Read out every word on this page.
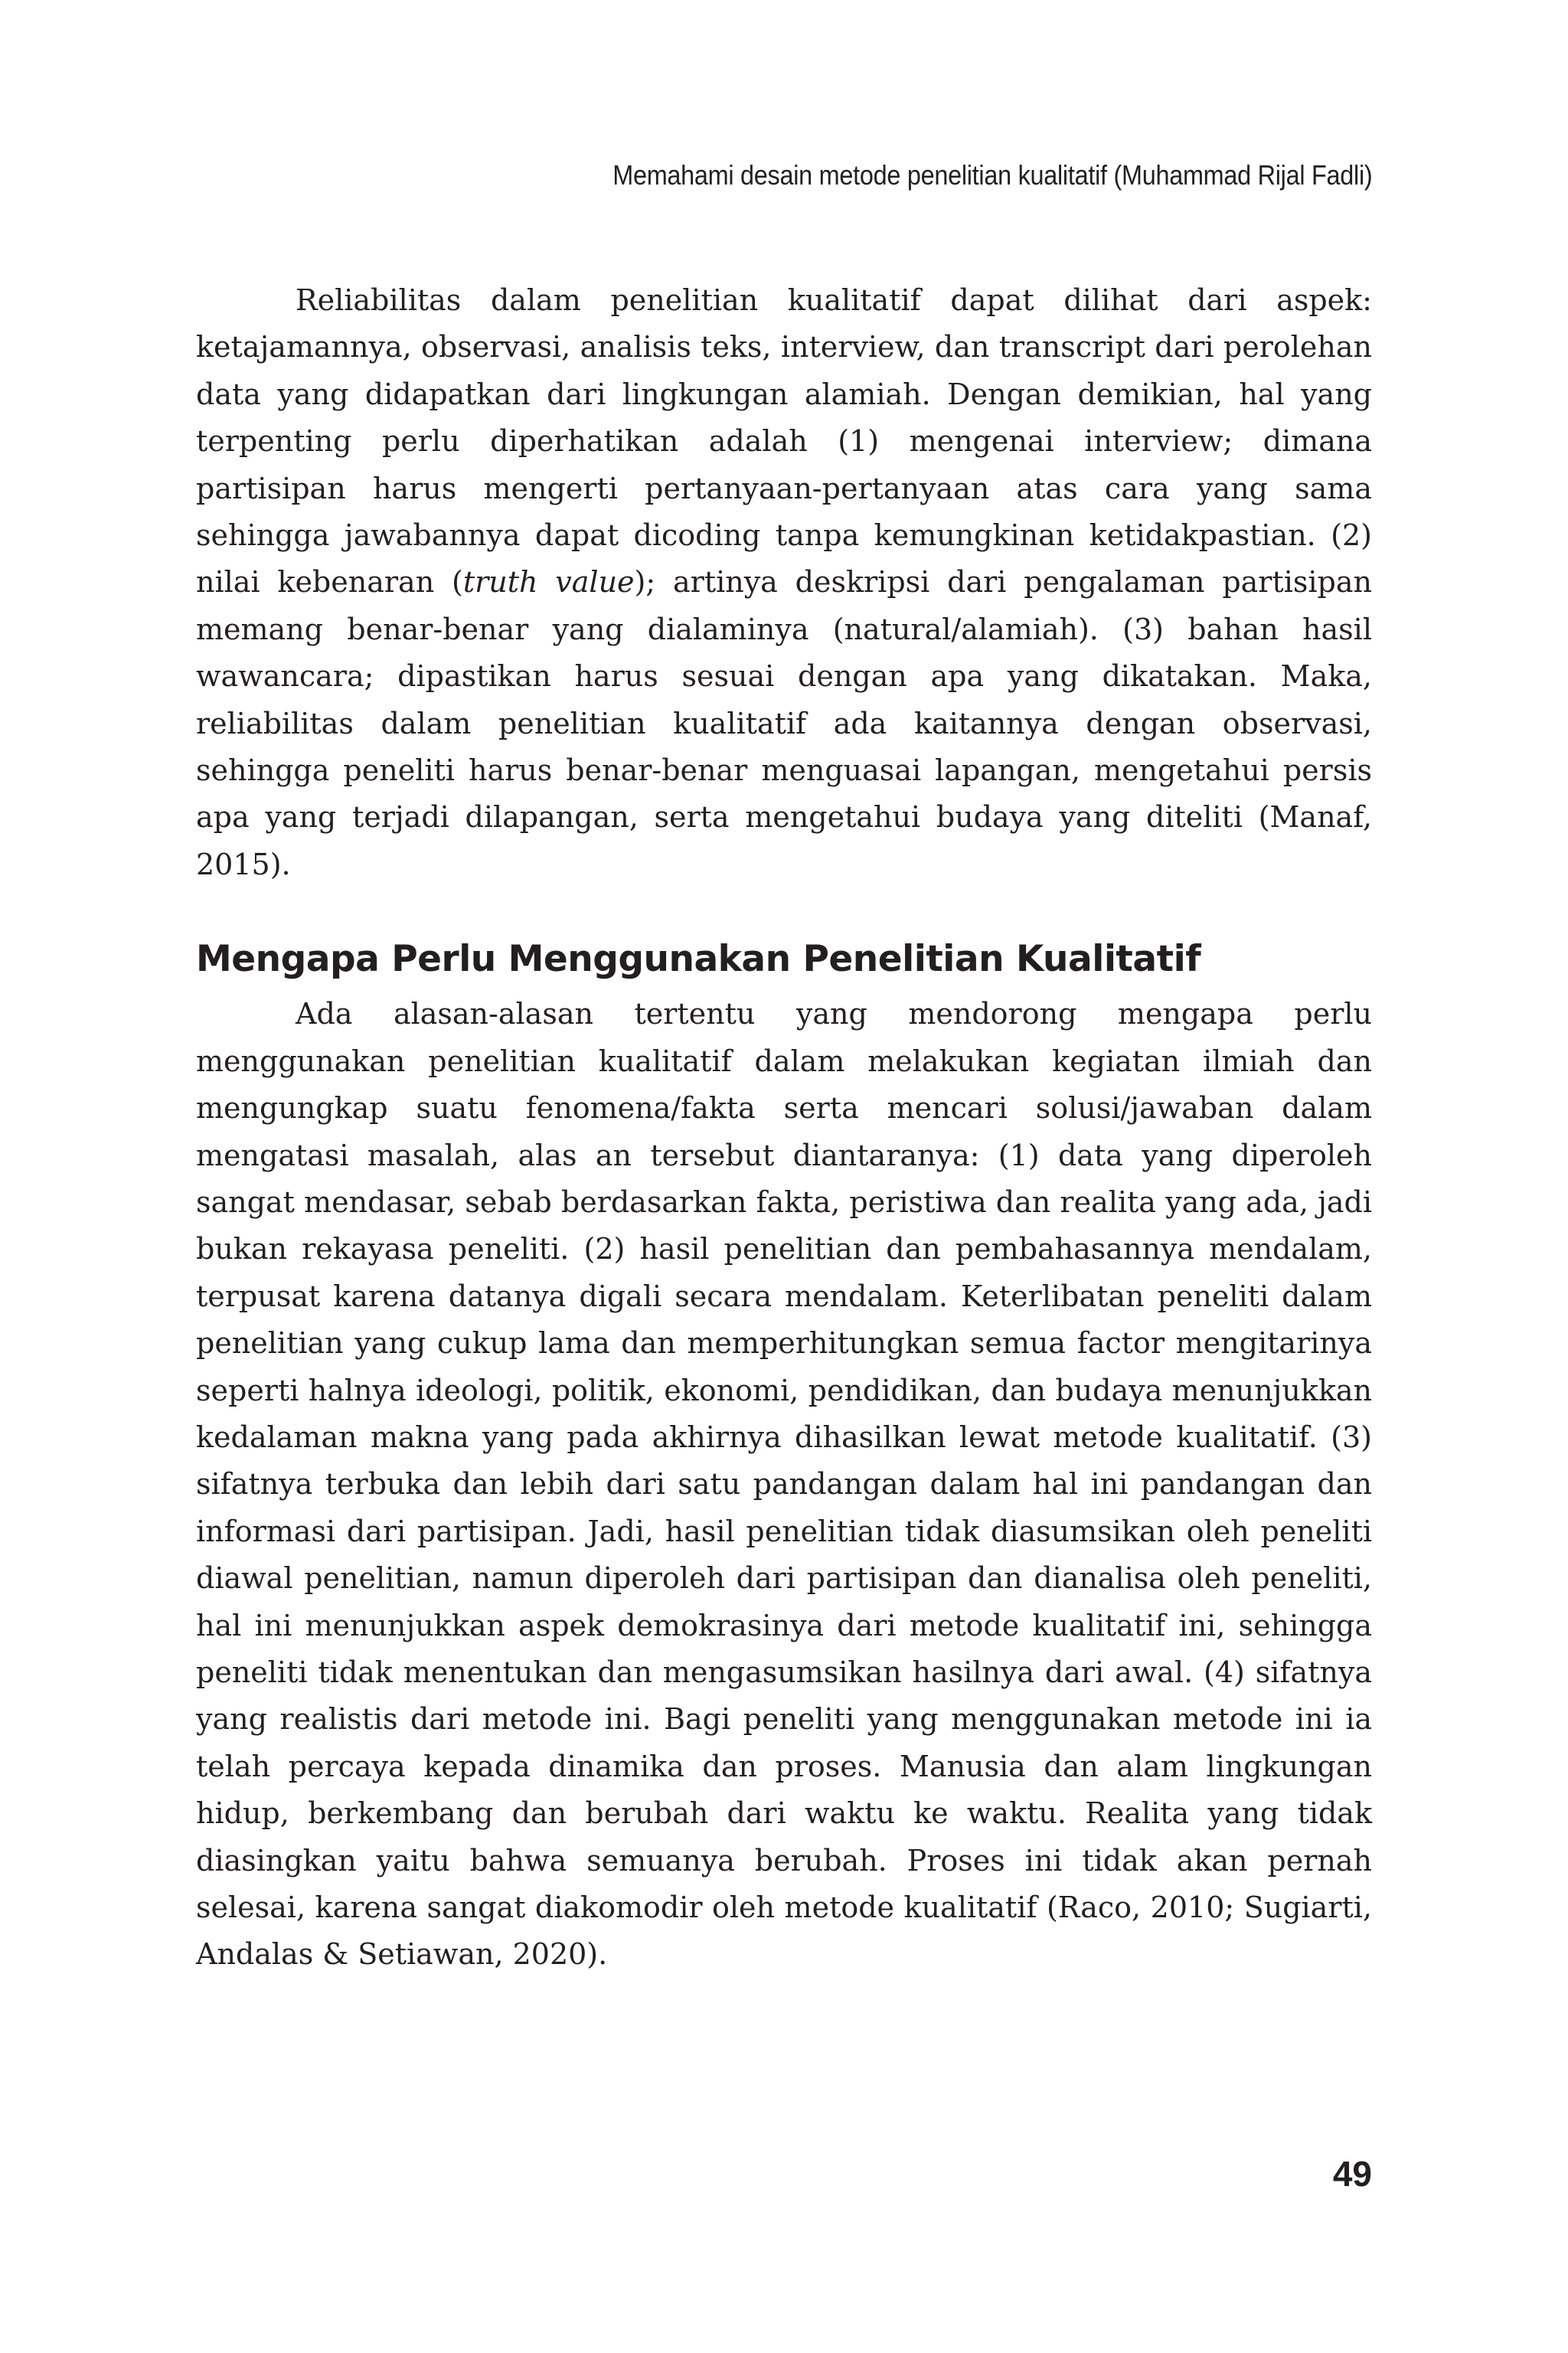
Memahami desain metode penelitian kualitatif (Muhammad Rijal Fadli)

Reliabilitas dalam penelitian kualitatif dapat dilihat dari aspek: ketajamannya, observasi, analisis teks, interview, dan transcript dari perolehan data yang didapatkan dari lingkungan alamiah. Dengan demikian, hal yang terpenting perlu diperhatikan adalah (1) mengenai interview; dimana partisipan harus mengerti pertanyaan-pertanyaan atas cara yang sama sehingga jawabannya dapat dicoding tanpa kemungkinan ketidakpastian. (2) nilai kebenaran (truth value); artinya deskripsi dari pengalaman partisipan memang benar-benar yang dialaminya (natural/alamiah). (3) bahan hasil wawancara; dipastikan harus sesuai dengan apa yang dikatakan. Maka, reliabilitas dalam penelitian kualitatif ada kaitannya dengan observasi, sehingga peneliti harus benar-benar menguasai lapangan, mengetahui persis apa yang terjadi dilapangan, serta mengetahui budaya yang diteliti (Manaf, 2015).

Mengapa Perlu Menggunakan Penelitian Kualitatif

Ada alasan-alasan tertentu yang mendorong mengapa perlu menggunakan penelitian kualitatif dalam melakukan kegiatan ilmiah dan mengungkap suatu fenomena/fakta serta mencari solusi/jawaban dalam mengatasi masalah, alas an tersebut diantaranya: (1) data yang diperoleh sangat mendasar, sebab berdasarkan fakta, peristiwa dan realita yang ada, jadi bukan rekayasa peneliti. (2) hasil penelitian dan pembahasannya mendalam, terpusat karena datanya digali secara mendalam. Keterlibatan peneliti dalam penelitian yang cukup lama dan memperhitungkan semua factor mengitarinya seperti halnya ideologi, politik, ekonomi, pendidikan, dan budaya menunjukkan kedalaman makna yang pada akhirnya dihasilkan lewat metode kualitatif. (3) sifatnya terbuka dan lebih dari satu pandangan dalam hal ini pandangan dan informasi dari partisipan. Jadi, hasil penelitian tidak diasumsikan oleh peneliti diawal penelitian, namun diperoleh dari partisipan dan dianalisa oleh peneliti, hal ini menunjukkan aspek demokrasinya dari metode kualitatif ini, sehingga peneliti tidak menentukan dan mengasumsikan hasilnya dari awal. (4) sifatnya yang realistis dari metode ini. Bagi peneliti yang menggunakan metode ini ia telah percaya kepada dinamika dan proses. Manusia dan alam lingkungan hidup, berkembang dan berubah dari waktu ke waktu. Realita yang tidak diasingkan yaitu bahwa semuanya berubah. Proses ini tidak akan pernah selesai, karena sangat diakomodir oleh metode kualitatif (Raco, 2010; Sugiarti, Andalas & Setiawan, 2020).

49
